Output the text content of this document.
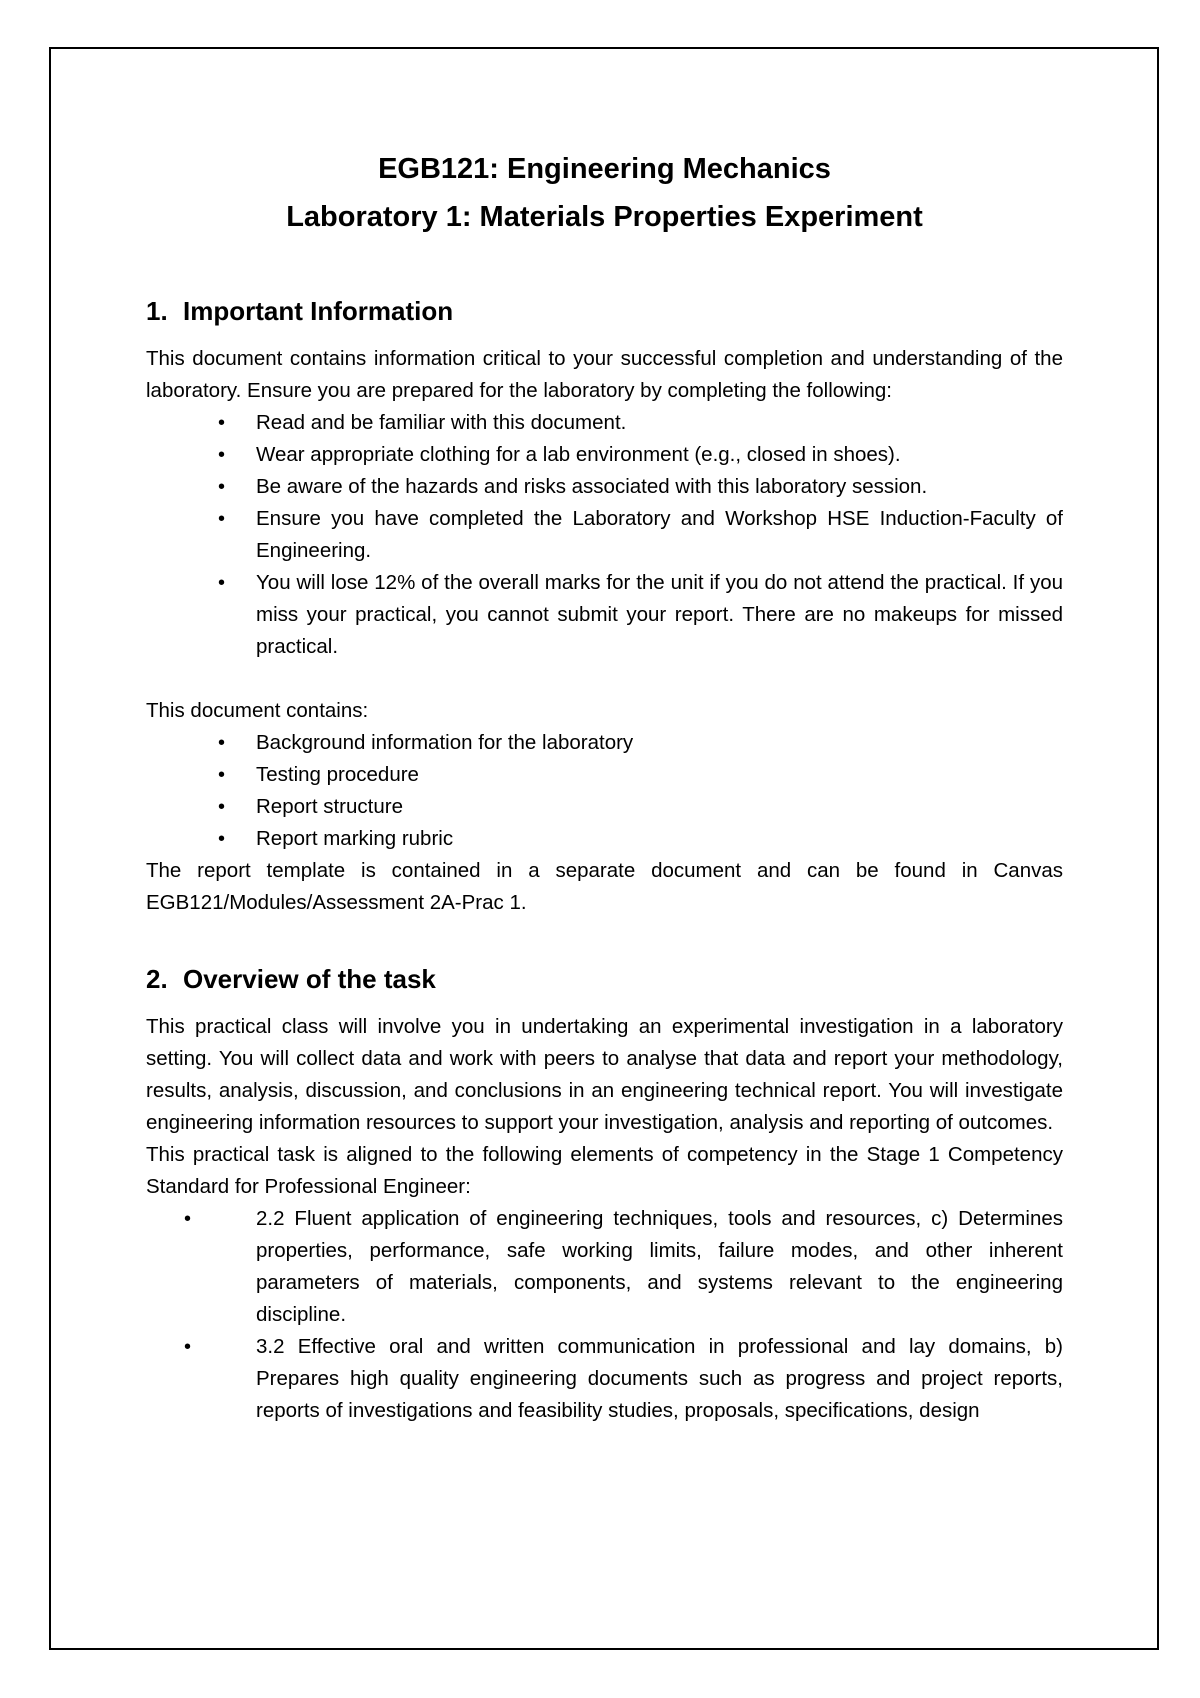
EGB121: Engineering Mechanics

Laboratory 1: Materials Properties Experiment

1. Important Information

This document contains information critical to your successful completion and understanding of the laboratory. Ensure you are prepared for the laboratory by completing the following:

•	Read and be familiar with this document.
•	Wear appropriate clothing for a lab environment (e.g., closed in shoes).
•	Be aware of the hazards and risks associated with this laboratory session.
•	Ensure you have completed the Laboratory and Workshop HSE Induction-Faculty of Engineering.
•	You will lose 12% of the overall marks for the unit if you do not attend the practical. If you miss your practical, you cannot submit your report. There are no makeups for missed practical.

This document contains:

•	Background information for the laboratory
•	Testing procedure
•	Report structure
•	Report marking rubric

The report template is contained in a separate document and can be found in Canvas EGB121/Modules/Assessment 2A-Prac 1.

2. Overview of the task

This practical class will involve you in undertaking an experimental investigation in a laboratory setting. You will collect data and work with peers to analyse that data and report your methodology, results, analysis, discussion, and conclusions in an engineering technical report. You will investigate engineering information resources to support your investigation, analysis and reporting of outcomes.

This practical task is aligned to the following elements of competency in the Stage 1 Competency Standard for Professional Engineer:

•	2.2 Fluent application of engineering techniques, tools and resources, c) Determines properties, performance, safe working limits, failure modes, and other inherent parameters of materials, components, and systems relevant to the engineering discipline.
•	3.2 Effective oral and written communication in professional and lay domains, b) Prepares high quality engineering documents such as progress and project reports, reports of investigations and feasibility studies, proposals, specifications, design
